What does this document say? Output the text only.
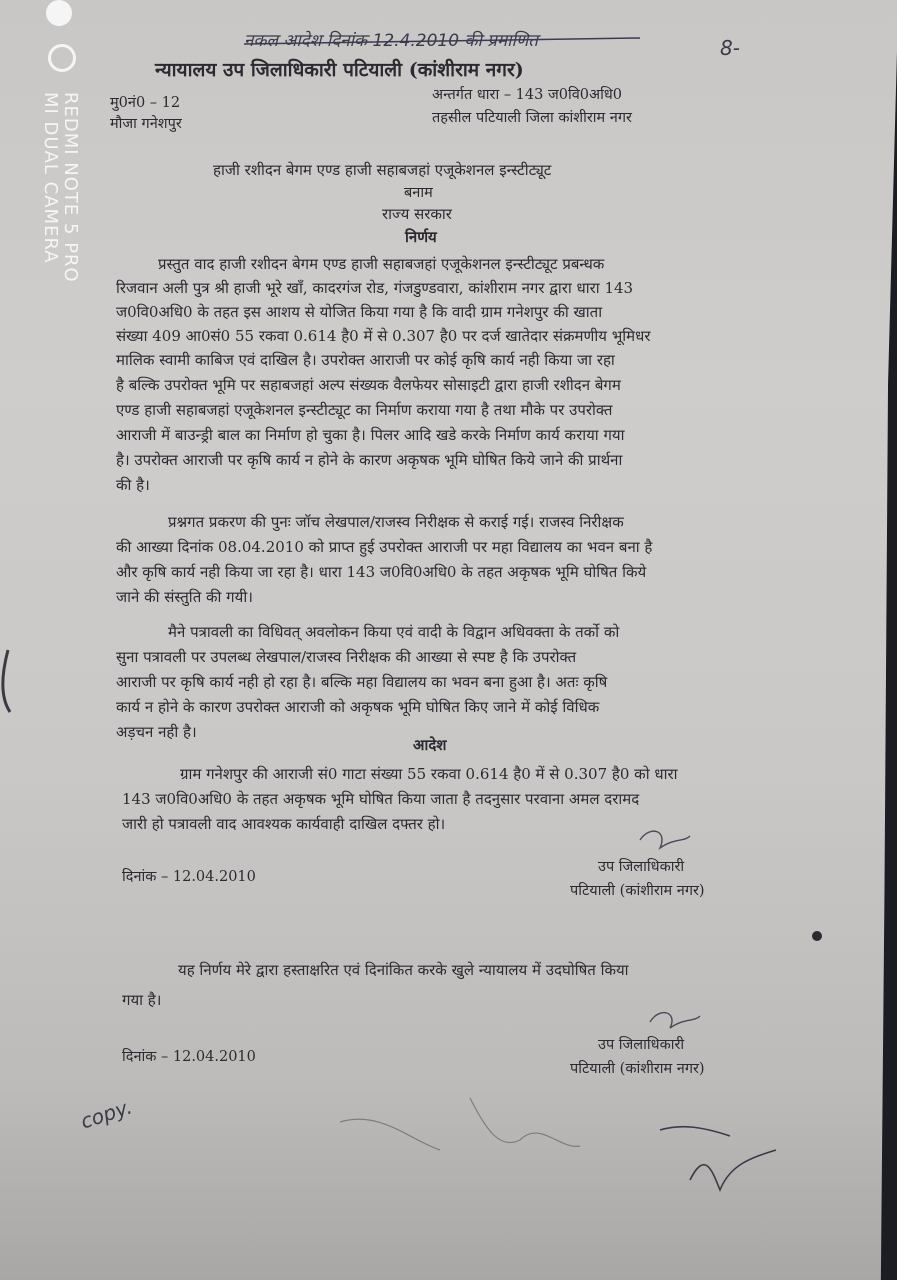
REDMI NOTE 5 PRO
MI DUAL CAMERA
नकल आदेश दिनांक 12.4.2010 की प्रमाणित	8-
copy.
न्यायालय उप जिलाधिकारी पटियाली (कांशीराम नगर)
मु0नं0 – 12
मौजा गनेशपुर
अन्तर्गत धारा – 143 ज0वि0अधि0
तहसील पटियाली जिला कांशीराम नगर
हाजी रशीदन बेगम एण्ड हाजी सहाबजहां एजूकेशनल इन्स्टीट्यूट
बनाम
राज्य सरकार
निर्णय
प्रस्तुत वाद हाजी रशीदन बेगम एण्ड हाजी सहाबजहां एजूकेशनल इन्स्टीट्यूट प्रबन्धक
रिजवान अली पुत्र श्री हाजी भूरे खाँ, कादरगंज रोड, गंजडुण्डवारा, कांशीराम नगर द्वारा धारा 143
ज0वि0अधि0 के तहत इस आशय से योजित किया गया है कि वादी ग्राम गनेशपुर की खाता
संख्या 409 आ0सं0 55 रकवा 0.614 है0 में से 0.307 है0 पर दर्ज खातेदार संक्रमणीय भूमिधर
मालिक स्वामी काबिज एवं दाखिल है। उपरोक्त आराजी पर कोई कृषि कार्य नही किया जा रहा
है बल्कि उपरोक्त भूमि पर सहाबजहां अल्प संख्यक वैलफेयर सोसाइटी द्वारा हाजी रशीदन बेगम
एण्ड हाजी सहाबजहां एजूकेशनल इन्स्टीट्यूट का निर्माण कराया गया है तथा मौके पर उपरोक्त
आराजी में बाउन्ड्री बाल का निर्माण हो चुका है। पिलर आदि खडे करके निर्माण कार्य कराया गया
है। उपरोक्त आराजी पर कृषि कार्य न होने के कारण अकृषक भूमि घोषित किये जाने की प्रार्थना
की है।
प्रश्नगत प्रकरण की पुनः जॉच लेखपाल/राजस्व निरीक्षक से कराई गई। राजस्व निरीक्षक
की आख्या दिनांक 08.04.2010 को प्राप्त हुई उपरोक्त आराजी पर महा विद्यालय का भवन बना है
और कृषि कार्य नही किया जा रहा है। धारा 143 ज0वि0अधि0 के तहत अकृषक भूमि घोषित किये
जाने की संस्तुति की गयी।
मैने पत्रावली का विधिवत् अवलोकन किया एवं वादी के विद्वान अधिवक्ता के तर्को को
सुना पत्रावली पर उपलब्ध लेखपाल/राजस्व निरीक्षक की आख्या से स्पष्ट है कि उपरोक्त
आराजी पर कृषि कार्य नही हो रहा है। बल्कि महा विद्यालय का भवन बना हुआ है। अतः कृषि
कार्य न होने के कारण उपरोक्त आराजी को अकृषक भूमि घोषित किए जाने में कोई विधिक
अड़चन नही है।
आदेश
ग्राम गनेशपुर की आराजी सं0 गाटा संख्या 55 रकवा 0.614 है0 में से 0.307 है0 को धारा
143 ज0वि0अधि0 के तहत अकृषक भूमि घोषित किया जाता है तदनुसार परवाना अमल दरामद
जारी हो पत्रावली वाद आवश्यक कार्यवाही दाखिल दफ्तर हो।
दिनांक – 12.04.2010
उप जिलाधिकारी
पटियाली (कांशीराम नगर)
यह निर्णय मेरे द्वारा हस्ताक्षरित एवं दिनांकित करके खुले न्यायालय में उदघोषित किया
गया है।
दिनांक – 12.04.2010
उप जिलाधिकारी
पटियाली (कांशीराम नगर)
